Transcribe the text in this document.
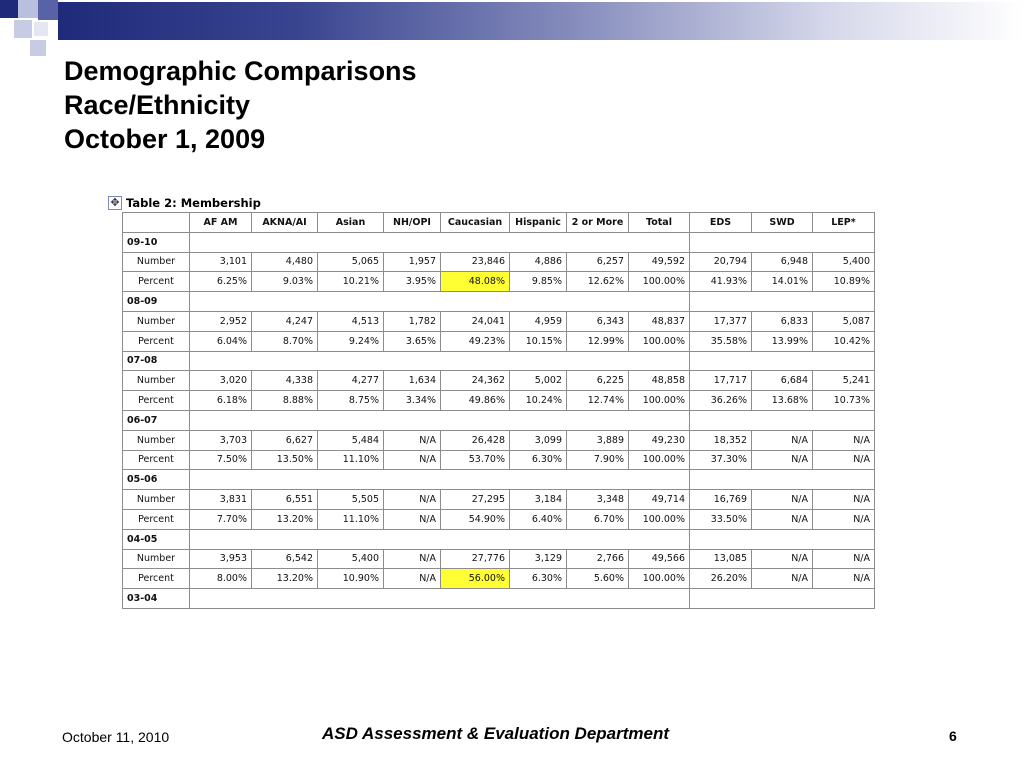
Demographic Comparisons
Race/Ethnicity
October 1, 2009
✥ Table 2: Membership
	AF AM	AKNA/AI	Asian	NH/OPI	Caucasian	Hispanic	2 or More	Total	EDS	SWD	LEP*
09-10											
Number	3,101	4,480	5,065	1,957	23,846	4,886	6,257	49,592	20,794	6,948	5,400
Percent	6.25%	9.03%	10.21%	3.95%	48.08%	9.85%	12.62%	100.00%	41.93%	14.01%	10.89%
08-09											
Number	2,952	4,247	4,513	1,782	24,041	4,959	6,343	48,837	17,377	6,833	5,087
Percent	6.04%	8.70%	9.24%	3.65%	49.23%	10.15%	12.99%	100.00%	35.58%	13.99%	10.42%
07-08											
Number	3,020	4,338	4,277	1,634	24,362	5,002	6,225	48,858	17,717	6,684	5,241
Percent	6.18%	8.88%	8.75%	3.34%	49.86%	10.24%	12.74%	100.00%	36.26%	13.68%	10.73%
06-07											
Number	3,703	6,627	5,484	N/A	26,428	3,099	3,889	49,230	18,352	N/A	N/A
Percent	7.50%	13.50%	11.10%	N/A	53.70%	6.30%	7.90%	100.00%	37.30%	N/A	N/A
05-06											
Number	3,831	6,551	5,505	N/A	27,295	3,184	3,348	49,714	16,769	N/A	N/A
Percent	7.70%	13.20%	11.10%	N/A	54.90%	6.40%	6.70%	100.00%	33.50%	N/A	N/A
04-05											
Number	3,953	6,542	5,400	N/A	27,776	3,129	2,766	49,566	13,085	N/A	N/A
Percent	8.00%	13.20%	10.90%	N/A	56.00%	6.30%	5.60%	100.00%	26.20%	N/A	N/A
03-04											
October 11, 2010	ASD Assessment & Evaluation Department	6
